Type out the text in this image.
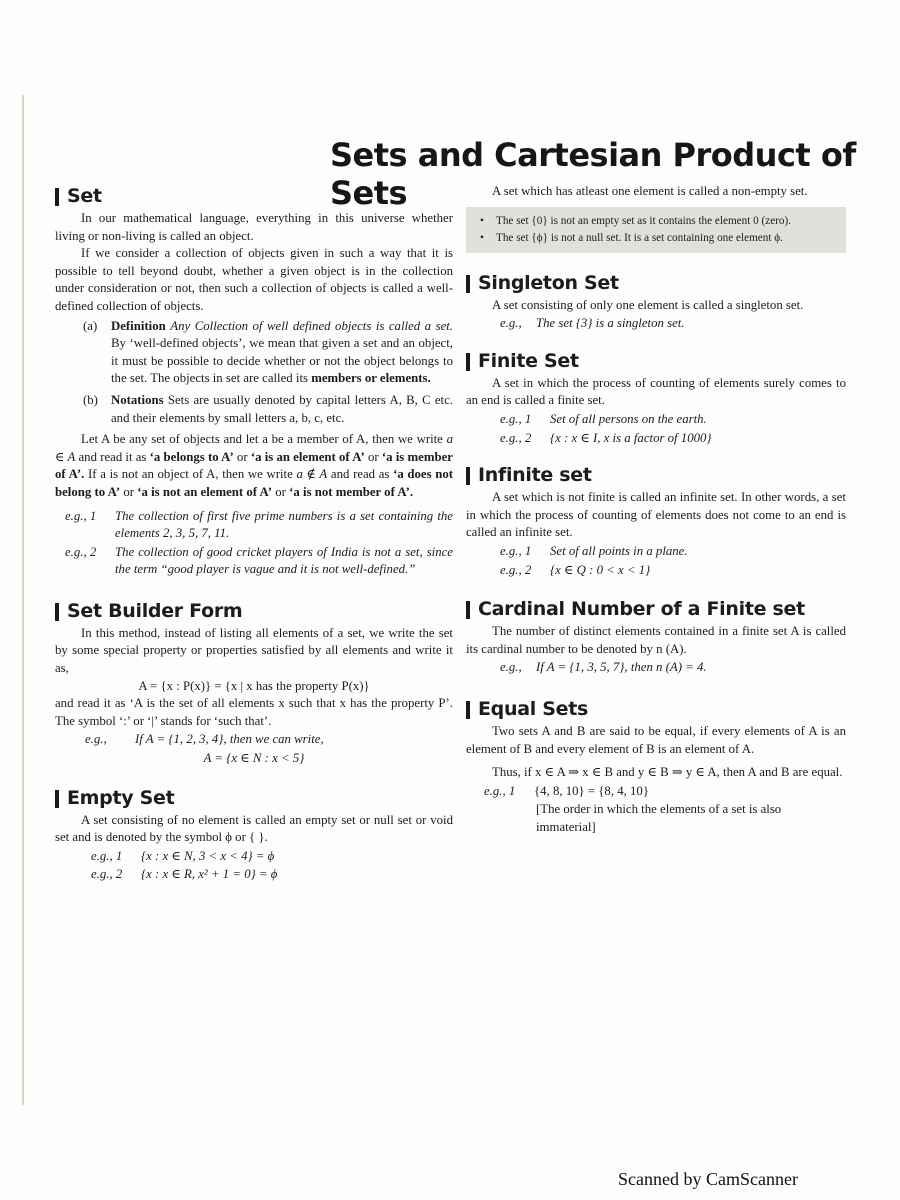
Sets and Cartesian Product of Sets
Set

In our mathematical language, everything in this universe whether living or non-living is called an object.

If we consider a collection of objects given in such a way that it is possible to tell beyond doubt, whether a given object is in the collection under consideration or not, then such a collection of objects is called a well-defined collection of objects.

(a)	Definition Any Collection of well defined objects is called a set. By ‘well-defined objects’, we mean that given a set and an object, it must be possible to decide whether or not the object belongs to the set. The objects in set are called its members or elements.
(b)	Notations Sets are usually denoted by capital letters A, B, C etc. and their elements by small letters a, b, c, etc.

Let A be any set of objects and let a be a member of A, then we write a ∈ A and read it as ‘a belongs to A’ or ‘a is an element of A’ or ‘a is member of A’. If a is not an object of A, then we write a ∉ A and read as ‘a does not belong to A’ or ‘a is not an element of A’ or ‘a is not member of A’.

e.g., 1	The collection of first five prime numbers is a set containing the elements 2, 3, 5, 7, 11.
e.g., 2	The collection of good cricket players of India is not a set, since the term “good player is vague and it is not well-defined.”
Set Builder Form

In this method, instead of listing all elements of a set, we write the set by some special property or properties satisfied by all elements and write it as,

A = {x : P(x)} = {x | x has the property P(x)}

and read it as ‘A is the set of all elements x such that x has the property P’. The symbol ‘:’ or ‘|’ stands for ‘such that’.

e.g.,	If A = {1, 2, 3, 4}, then we can write,

A = {x ∈ N : x < 5}

Empty Set

A set consisting of no element is called an empty set or null set or void set and is denoted by the symbol ϕ or { }.

e.g., 1	{x : x ∈ N, 3 < x < 4} = ϕ
e.g., 2	{x : x ∈ R, x² + 1 = 0} = ϕ

A set which has atleast one element is called a non-empty set.

•	The set {0} is not an empty set as it contains the element 0 (zero).
•	The set {ϕ} is not a null set. It is a set containing one element ϕ.
Singleton Set

A set consisting of only one element is called a singleton set.

e.g.,	The set {3} is a singleton set.
Finite Set

A set in which the process of counting of elements surely comes to an end is called a finite set.

e.g., 1	Set of all persons on the earth.
e.g., 2	{x : x ∈ I, x is a factor of 1000}
Infinite set

A set which is not finite is called an infinite set. In other words, a set in which the process of counting of elements does not come to an end is called an infinite set.

e.g., 1	Set of all points in a plane.
e.g., 2	{x ∈ Q : 0 < x < 1}
Cardinal Number of a Finite set

The number of distinct elements contained in a finite set A is called its cardinal number to be denoted by n (A).

e.g.,	If A = {1, 3, 5, 7}, then n (A) = 4.
Equal Sets

Two sets A and B are said to be equal, if every elements of A is an element of B and every element of B is an element of A.

Thus, if x ∈ A ⇒ x ∈ B and y ∈ B ⇒ y ∈ A, then A and B are equal.

e.g., 1	{4, 8, 10} = {8, 4, 10}

[The order in which the elements of a set is also immaterial]

Scanned by CamScanner
